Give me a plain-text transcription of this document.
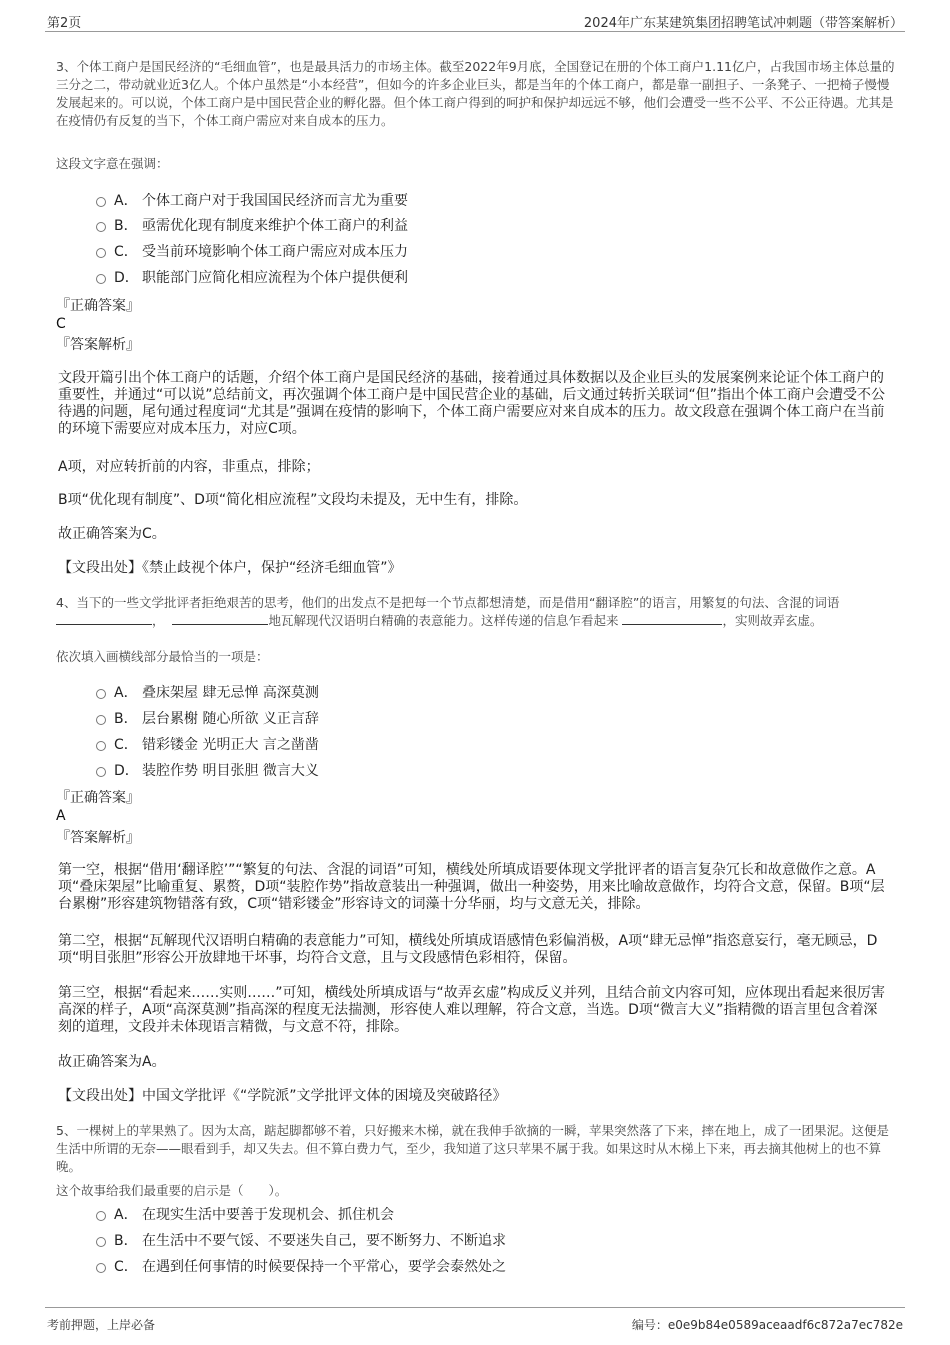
第2页	2024年广东某建筑集团招聘笔试冲刺题（带答案解析）
3、个体工商户是国民经济的“毛细血管”，也是最具活力的市场主体。截至2022年9月底，全国登记在册的个体工商户1.11亿户，占我国市场主体总量的三分之二，带动就业近3亿人。个体户虽然是“小本经营”，但如今的许多企业巨头，都是当年的个体工商户，都是靠一副担子、一条凳子、一把椅子慢慢发展起来的。可以说，个体工商户是中国民营企业的孵化器。但个体工商户得到的呵护和保护却远远不够，他们会遭受一些不公平、不公正待遇。尤其是在疫情仍有反复的当下，个体工商户需应对来自成本的压力。
这段文字意在强调：
A． 个体工商户对于我国国民经济而言尤为重要
B． 亟需优化现有制度来维护个体工商户的利益
C． 受当前环境影响个体工商户需应对成本压力
D． 职能部门应简化相应流程为个体户提供便利
『正确答案』
C
『答案解析』
文段开篇引出个体工商户的话题，介绍个体工商户是国民经济的基础，接着通过具体数据以及企业巨头的发展案例来论证个体工商户的重要性，并通过“可以说”总结前文，再次强调个体工商户是中国民营企业的基础，后文通过转折关联词“但”指出个体工商户会遭受不公待遇的问题，尾句通过程度词“尤其是”强调在疫情的影响下，个体工商户需要应对来自成本的压力。故文段意在强调个体工商户在当前的环境下需要应对成本压力，对应C项。
A项，对应转折前的内容，非重点，排除；
B项“优化现有制度”、D项“简化相应流程”文段均未提及，无中生有，排除。
故正确答案为C。
【文段出处】《禁止歧视个体户，保护“经济毛细血管”》
4、当下的一些文学批评者拒绝艰苦的思考，他们的出发点不是把每一个节点都想清楚，而是借用“翻译腔”的语言，用繁复的句法、含混的词语，	地瓦解现代汉语明白精确的表意能力。这样传递的信息乍看起来	，实则故弄玄虚。
依次填入画横线部分最恰当的一项是：
A． 叠床架屋 肆无忌惮 高深莫测
B． 层台累榭 随心所欲 义正言辞
C． 错彩镂金 光明正大 言之凿凿
D． 装腔作势 明目张胆 微言大义
『正确答案』
A
『答案解析』
第一空，根据“借用‘翻译腔’”“繁复的句法、含混的词语”可知，横线处所填成语要体现文学批评者的语言复杂冗长和故意做作之意。A项“叠床架屋”比喻重复、累赘，D项“装腔作势”指故意装出一种强调，做出一种姿势，用来比喻故意做作，均符合文意，保留。B项“层台累榭”形容建筑物错落有致，C项“错彩镂金”形容诗文的词藻十分华丽，均与文意无关，排除。
第二空，根据“瓦解现代汉语明白精确的表意能力”可知，横线处所填成语感情色彩偏消极，A项“肆无忌惮”指恣意妄行，毫无顾忌，D项“明目张胆”形容公开放肆地干坏事，均符合文意，且与文段感情色彩相符，保留。
第三空，根据“看起来……实则……”可知，横线处所填成语与“故弄玄虚”构成反义并列，且结合前文内容可知，应体现出看起来很厉害高深的样子，A项“高深莫测”指高深的程度无法揣测，形容使人难以理解，符合文意，当选。D项“微言大义”指精微的语言里包含着深刻的道理，文段并未体现语言精微，与文意不符，排除。
故正确答案为A。
【文段出处】中国文学批评《“学院派”文学批评文体的困境及突破路径》
5、一棵树上的苹果熟了。因为太高，踮起脚都够不着，只好搬来木梯，就在我伸手欲摘的一瞬，苹果突然落了下来，摔在地上，成了一团果泥。这便是生活中所谓的无奈——眼看到手，却又失去。但不算白费力气，至少，我知道了这只苹果不属于我。如果这时从木梯上下来，再去摘其他树上的也不算晚。
这个故事给我们最重要的启示是（　　）。
A． 在现实生活中要善于发现机会、抓住机会
B． 在生活中不要气馁、不要迷失自己，要不断努力、不断追求
C． 在遇到任何事情的时候要保持一个平常心，要学会泰然处之
考前押题，上岸必备	编号：e0e9b84e0589aceaadf6c872a7ec782e
